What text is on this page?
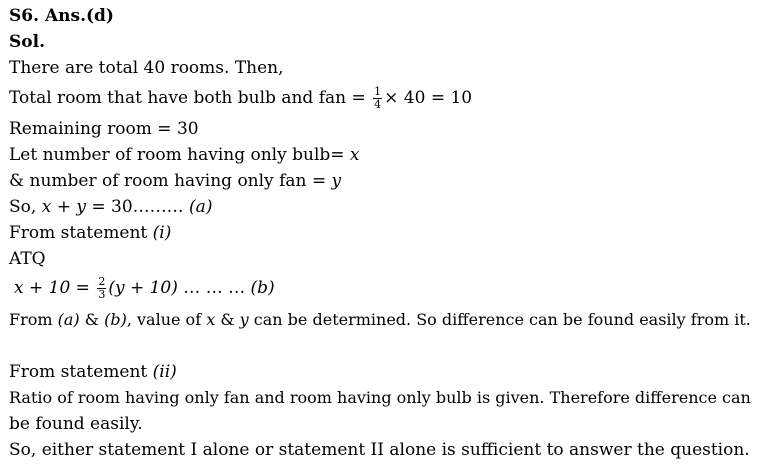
S6. Ans.(d)
Sol.
There are total 40 rooms. Then,
Total room that have both bulb and fan = $\frac{1}{4} \times 40 = 10$
Remaining room = 30
Let number of room having only bulb= x
& number of room having only fan = y
So, x + y = 30……… (a)
From statement (i)
ATQ
$x + 10 = \frac{2}{3} (y + 10)$ … … … (b)
From (a) & (b), value of x & y can be determined. So difference can be found easily from it.
From statement (ii)
Ratio of room having only fan and room having only bulb is given. Therefore difference can
be found easily.
So, either statement I alone or statement II alone is sufficient to answer the question.
